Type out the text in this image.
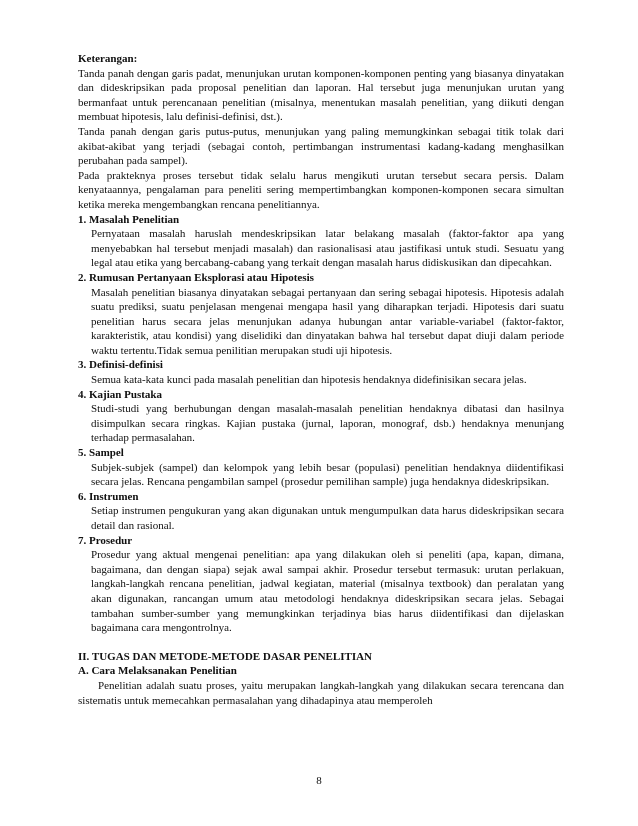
Keterangan:

Tanda panah dengan garis padat, menunjukan urutan komponen-komponen penting yang biasanya dinyatakan dan dideskripsikan pada proposal penelitian dan laporan. Hal tersebut juga menunjukan urutan yang bermanfaat untuk perencanaan penelitian (misalnya, menentukan masalah penelitian, yang diikuti dengan membuat hipotesis, lalu definisi-definisi, dst.).

Tanda panah dengan garis putus-putus, menunjukan yang paling memungkinkan sebagai titik tolak dari akibat-akibat yang terjadi (sebagai contoh, pertimbangan instrumentasi kadang-kadang menghasilkan perubahan pada sampel).

Pada prakteknya proses tersebut tidak selalu harus mengikuti urutan tersebut secara persis. Dalam kenyataannya, pengalaman para peneliti sering mempertimbangkan komponen-komponen secara simultan ketika mereka mengembangkan rencana penelitiannya.

1. Masalah Penelitian

Pernyataan masalah haruslah mendeskripsikan latar belakang masalah (faktor-faktor apa yang menyebabkan hal tersebut menjadi masalah) dan rasionalisasi atau jastifikasi untuk studi. Sesuatu yang legal atau etika yang bercabang-cabang yang terkait dengan masalah harus didiskusikan dan dipecahkan.

2. Rumusan Pertanyaan Eksplorasi atau Hipotesis

Masalah penelitian biasanya dinyatakan sebagai pertanyaan dan sering sebagai hipotesis. Hipotesis adalah suatu prediksi, suatu penjelasan mengenai mengapa hasil yang diharapkan terjadi. Hipotesis dari suatu penelitian harus secara jelas menunjukan adanya hubungan antar variable-variabel (faktor-faktor, karakteristik, atau kondisi) yang diselidiki dan dinyatakan bahwa hal tersebut dapat diuji dalam periode waktu tertentu.Tidak semua penilitian merupakan studi uji hipotesis.

3. Definisi-definisi

Semua kata-kata kunci pada masalah penelitian dan hipotesis hendaknya didefinisikan secara jelas.

4. Kajian Pustaka

Studi-studi yang berhubungan dengan masalah-masalah penelitian hendaknya dibatasi dan hasilnya disimpulkan secara ringkas. Kajian pustaka (jurnal, laporan, monograf, dsb.) hendaknya menunjang terhadap permasalahan.

5. Sampel

Subjek-subjek (sampel) dan kelompok yang lebih besar (populasi) penelitian hendaknya diidentifikasi secara jelas. Rencana pengambilan sampel (prosedur pemilihan sample) juga hendaknya dideskripsikan.

6. Instrumen

Setiap instrumen pengukuran yang akan digunakan untuk mengumpulkan data harus dideskripsikan secara detail dan rasional.

7. Prosedur

Prosedur yang aktual mengenai penelitian: apa yang dilakukan oleh si peneliti (apa, kapan, dimana, bagaimana, dan dengan siapa) sejak awal sampai akhir. Prosedur tersebut termasuk: urutan perlakuan, langkah-langkah rencana penelitian, jadwal kegiatan, material (misalnya textbook) dan peralatan yang akan digunakan, rancangan umum atau metodologi hendaknya dideskripsikan secara jelas. Sebagai tambahan sumber-sumber yang memungkinkan terjadinya bias harus diidentifikasi dan dijelaskan bagaimana cara mengontrolnya.

II. TUGAS DAN METODE-METODE DASAR PENELITIAN

A. Cara Melaksanakan Penelitian

Penelitian adalah suatu proses, yaitu merupakan langkah-langkah yang dilakukan secara terencana dan sistematis untuk memecahkan permasalahan yang dihadapinya atau memperoleh

8
